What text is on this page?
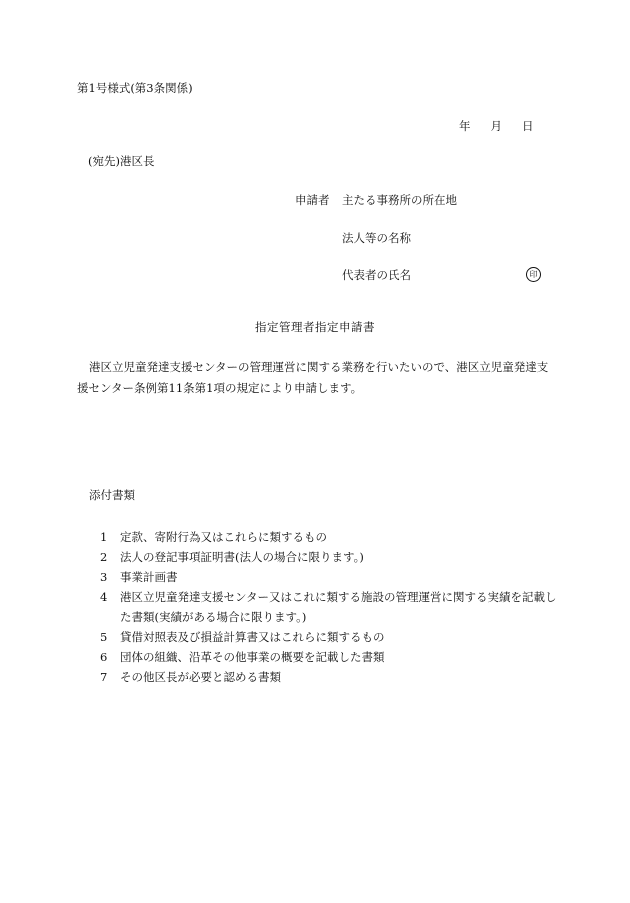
第1号様式(第3条関係)
年 月 日
(宛先)港区長
申請者 主たる事務所の所在地
法人等の名称
代表者の氏名	印
指定管理者指定申請書
港区立児童発達支援センターの管理運営に関する業務を行いたいので、港区立児童発達支援センター条例第11条第1項の規定により申請します。
添付書類
1	定款、寄附行為又はこれらに類するもの
2	法人の登記事項証明書(法人の場合に限ります。)
3	事業計画書
4	港区立児童発達支援センター又はこれに類する施設の管理運営に関する実績を記載した書類(実績がある場合に限ります。)
5	貸借対照表及び損益計算書又はこれらに類するもの
6	団体の組織、沿革その他事業の概要を記載した書類
7	その他区長が必要と認める書類
